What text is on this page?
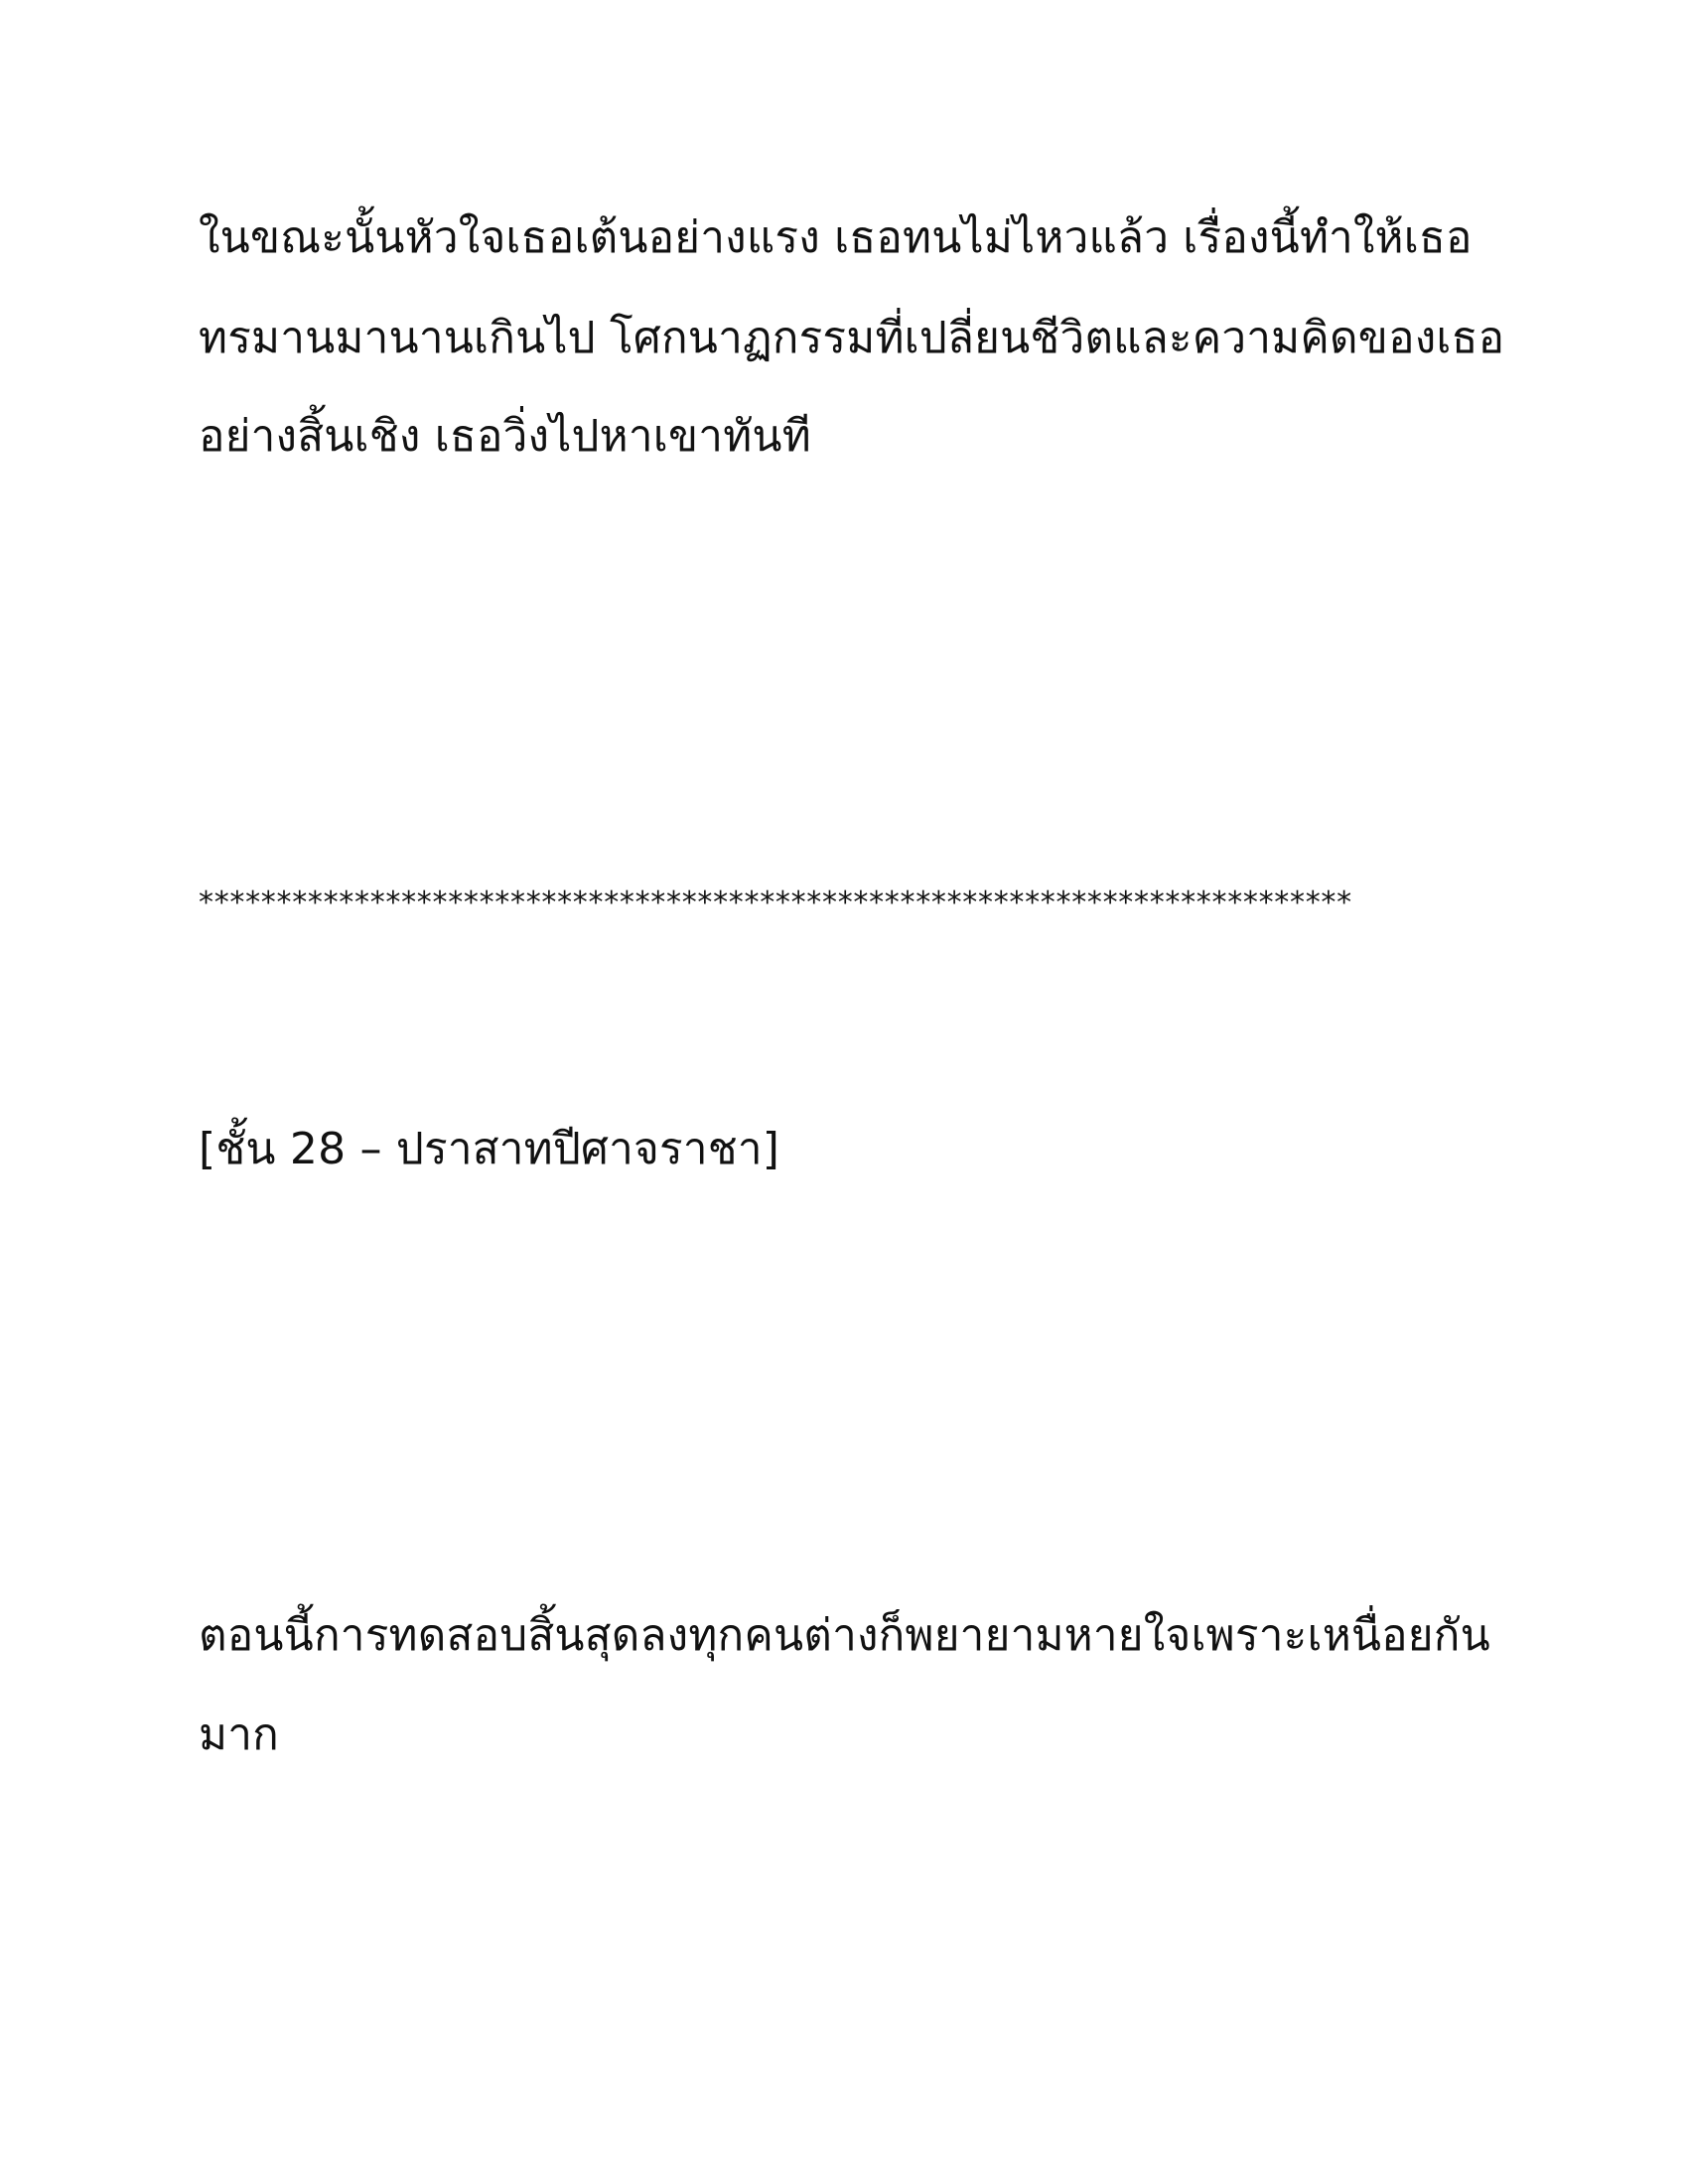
ในขณะนั้นหัวใจเธอเต้นอย่างแรง เธอทนไม่ไหวแล้ว เรื่องนี้ทำให้เธอ
ทรมานมานานเกินไป โศกนาฏกรรมที่เปลี่ยนชีวิตและความคิดของเธอ
อย่างสิ้นเชิง เธอวิ่งไปหาเขาทันที
**************************************************************************
[ชั้น 28 – ปราสาทปีศาจราชา]
ตอนนี้การทดสอบสิ้นสุดลงทุกคนต่างก็พยายามหายใจเพราะเหนื่อยกัน
มาก
